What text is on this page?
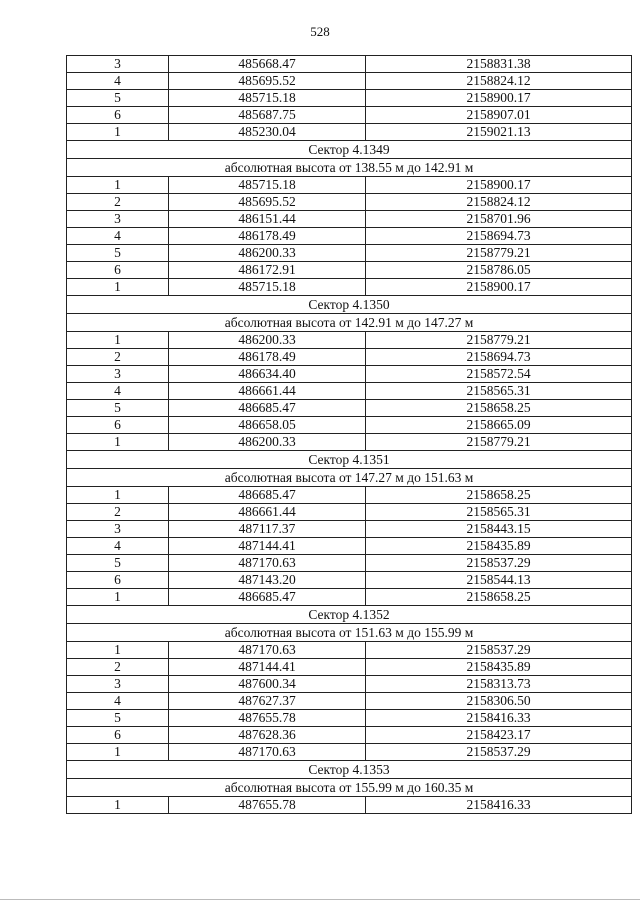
528
3	485668.47	2158831.38
4	485695.52	2158824.12
5	485715.18	2158900.17
6	485687.75	2158907.01
1	485230.04	2159021.13
Сектор 4.1349		
абсолютная высота от 138.55 м до 142.91 м		
1	485715.18	2158900.17
2	485695.52	2158824.12
3	486151.44	2158701.96
4	486178.49	2158694.73
5	486200.33	2158779.21
6	486172.91	2158786.05
1	485715.18	2158900.17
Сектор 4.1350		
абсолютная высота от 142.91 м до 147.27 м		
1	486200.33	2158779.21
2	486178.49	2158694.73
3	486634.40	2158572.54
4	486661.44	2158565.31
5	486685.47	2158658.25
6	486658.05	2158665.09
1	486200.33	2158779.21
Сектор 4.1351		
абсолютная высота от 147.27 м до 151.63 м		
1	486685.47	2158658.25
2	486661.44	2158565.31
3	487117.37	2158443.15
4	487144.41	2158435.89
5	487170.63	2158537.29
6	487143.20	2158544.13
1	486685.47	2158658.25
Сектор 4.1352		
абсолютная высота от 151.63 м до 155.99 м		
1	487170.63	2158537.29
2	487144.41	2158435.89
3	487600.34	2158313.73
4	487627.37	2158306.50
5	487655.78	2158416.33
6	487628.36	2158423.17
1	487170.63	2158537.29
Сектор 4.1353		
абсолютная высота от 155.99 м до 160.35 м		
1	487655.78	2158416.33
